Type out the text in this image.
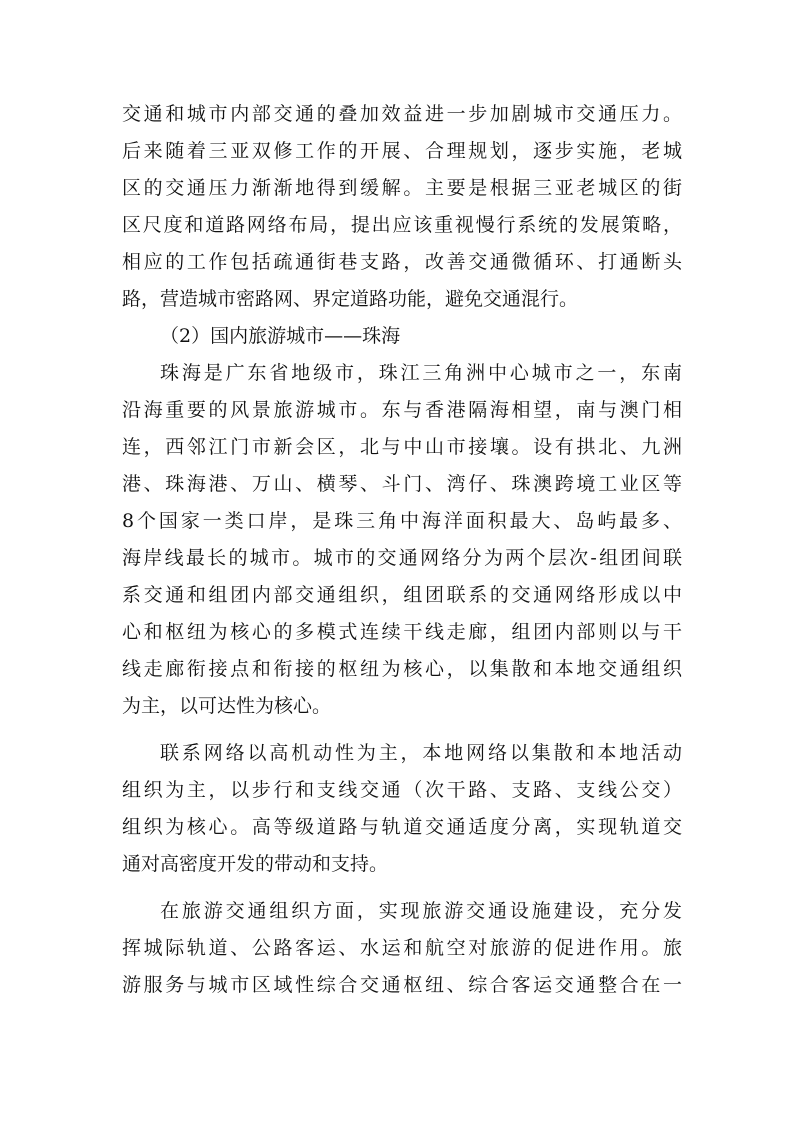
交通和城市内部交通的叠加效益进一步加剧城市交通压力。
后来随着三亚双修工作的开展、合理规划，逐步实施，老城
区的交通压力渐渐地得到缓解。主要是根据三亚老城区的街
区尺度和道路网络布局，提出应该重视慢行系统的发展策略，
相应的工作包括疏通街巷支路，改善交通微循环、打通断头
路，营造城市密路网、界定道路功能，避免交通混行。
（2）国内旅游城市——珠海
珠海是广东省地级市，珠江三角洲中心城市之一，东南
沿海重要的风景旅游城市。东与香港隔海相望，南与澳门相
连，西邻江门市新会区，北与中山市接壤。设有拱北、九洲
港、珠海港、万山、横琴、斗门、湾仔、珠澳跨境工业区等
8个国家一类口岸，是珠三角中海洋面积最大、岛屿最多、
海岸线最长的城市。城市的交通网络分为两个层次-组团间联
系交通和组团内部交通组织，组团联系的交通网络形成以中
心和枢纽为核心的多模式连续干线走廊，组团内部则以与干
线走廊衔接点和衔接的枢纽为核心，以集散和本地交通组织
为主，以可达性为核心。
联系网络以高机动性为主，本地网络以集散和本地活动
组织为主，以步行和支线交通（次干路、支路、支线公交）
组织为核心。高等级道路与轨道交通适度分离，实现轨道交
通对高密度开发的带动和支持。
在旅游交通组织方面，实现旅游交通设施建设，充分发
挥城际轨道、公路客运、水运和航空对旅游的促进作用。旅
游服务与城市区域性综合交通枢纽、综合客运交通整合在一
